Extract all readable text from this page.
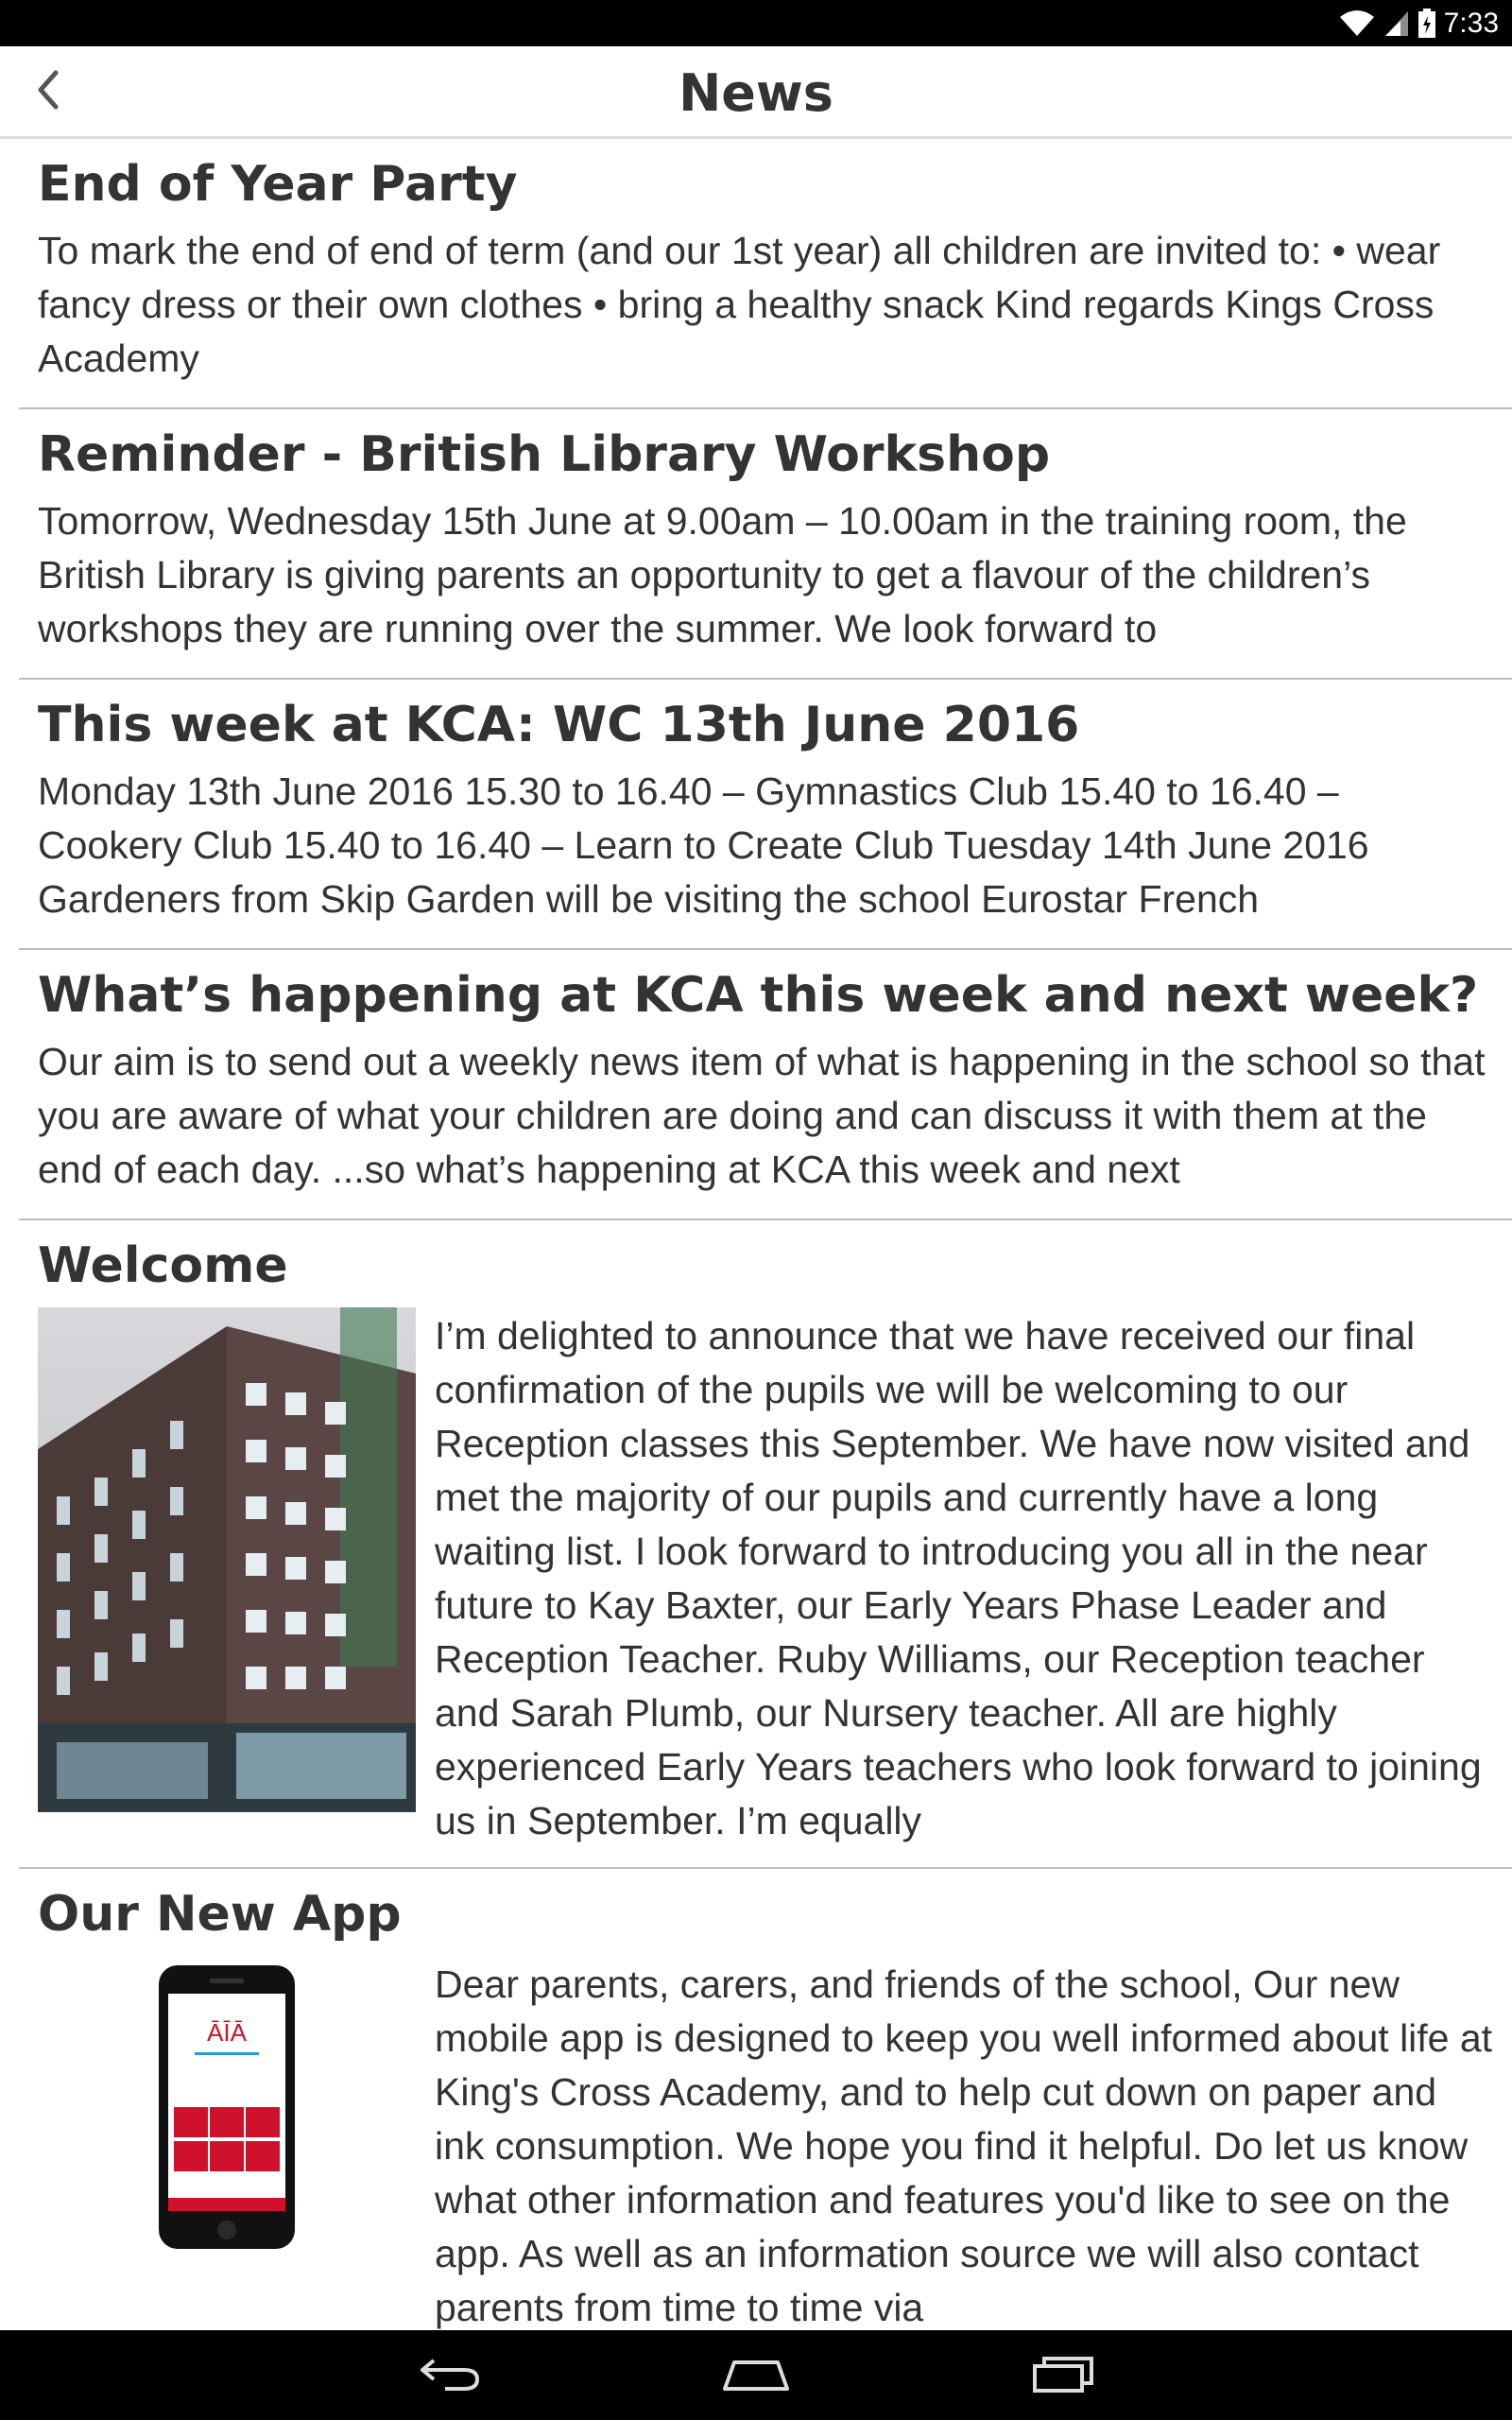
7:33
News
End of Year Party
To mark the end of end of term (and our 1st year) all children are invited to: • wear fancy dress or their own clothes • bring a healthy snack Kind regards Kings Cross Academy
Reminder - British Library Workshop
Tomorrow, Wednesday 15th June at 9.00am – 10.00am in the training room, the British Library is giving parents an opportunity to get a flavour of the children’s workshops they are running over the summer. We look forward to
This week at KCA: WC 13th June 2016
Monday 13th June 2016 15.30 to 16.40 – Gymnastics Club 15.40 to 16.40 – Cookery Club 15.40 to 16.40 – Learn to Create Club Tuesday 14th June 2016 Gardeners from Skip Garden will be visiting the school Eurostar French
What’s happening at KCA this week and next week?
Our aim is to send out a weekly news item of what is happening in the school so that you are aware of what your children are doing and can discuss it with them at the end of each day. ...so what’s happening at KCA this week and next
Welcome
I’m delighted to announce that we have received our final confirmation of the pupils we will be welcoming to our Reception classes this September. We have now visited and met the majority of our pupils and currently have a long waiting list. I look forward to introducing you all in the near future to Kay Baxter, our Early Years Phase Leader and Reception Teacher. Ruby Williams, our Reception teacher and Sarah Plumb, our Nursery teacher. All are highly experienced Early Years teachers who look forward to joining us in September. I’m equally
Our New App
ĀĪĀ
Dear parents, carers, and friends of the school, Our new mobile app is designed to keep you well informed about life at King's Cross Academy, and to help cut down on paper and ink consumption. We hope you find it helpful. Do let us know what other information and features you'd like to see on the app. As well as an information source we will also contact parents from time to time via
